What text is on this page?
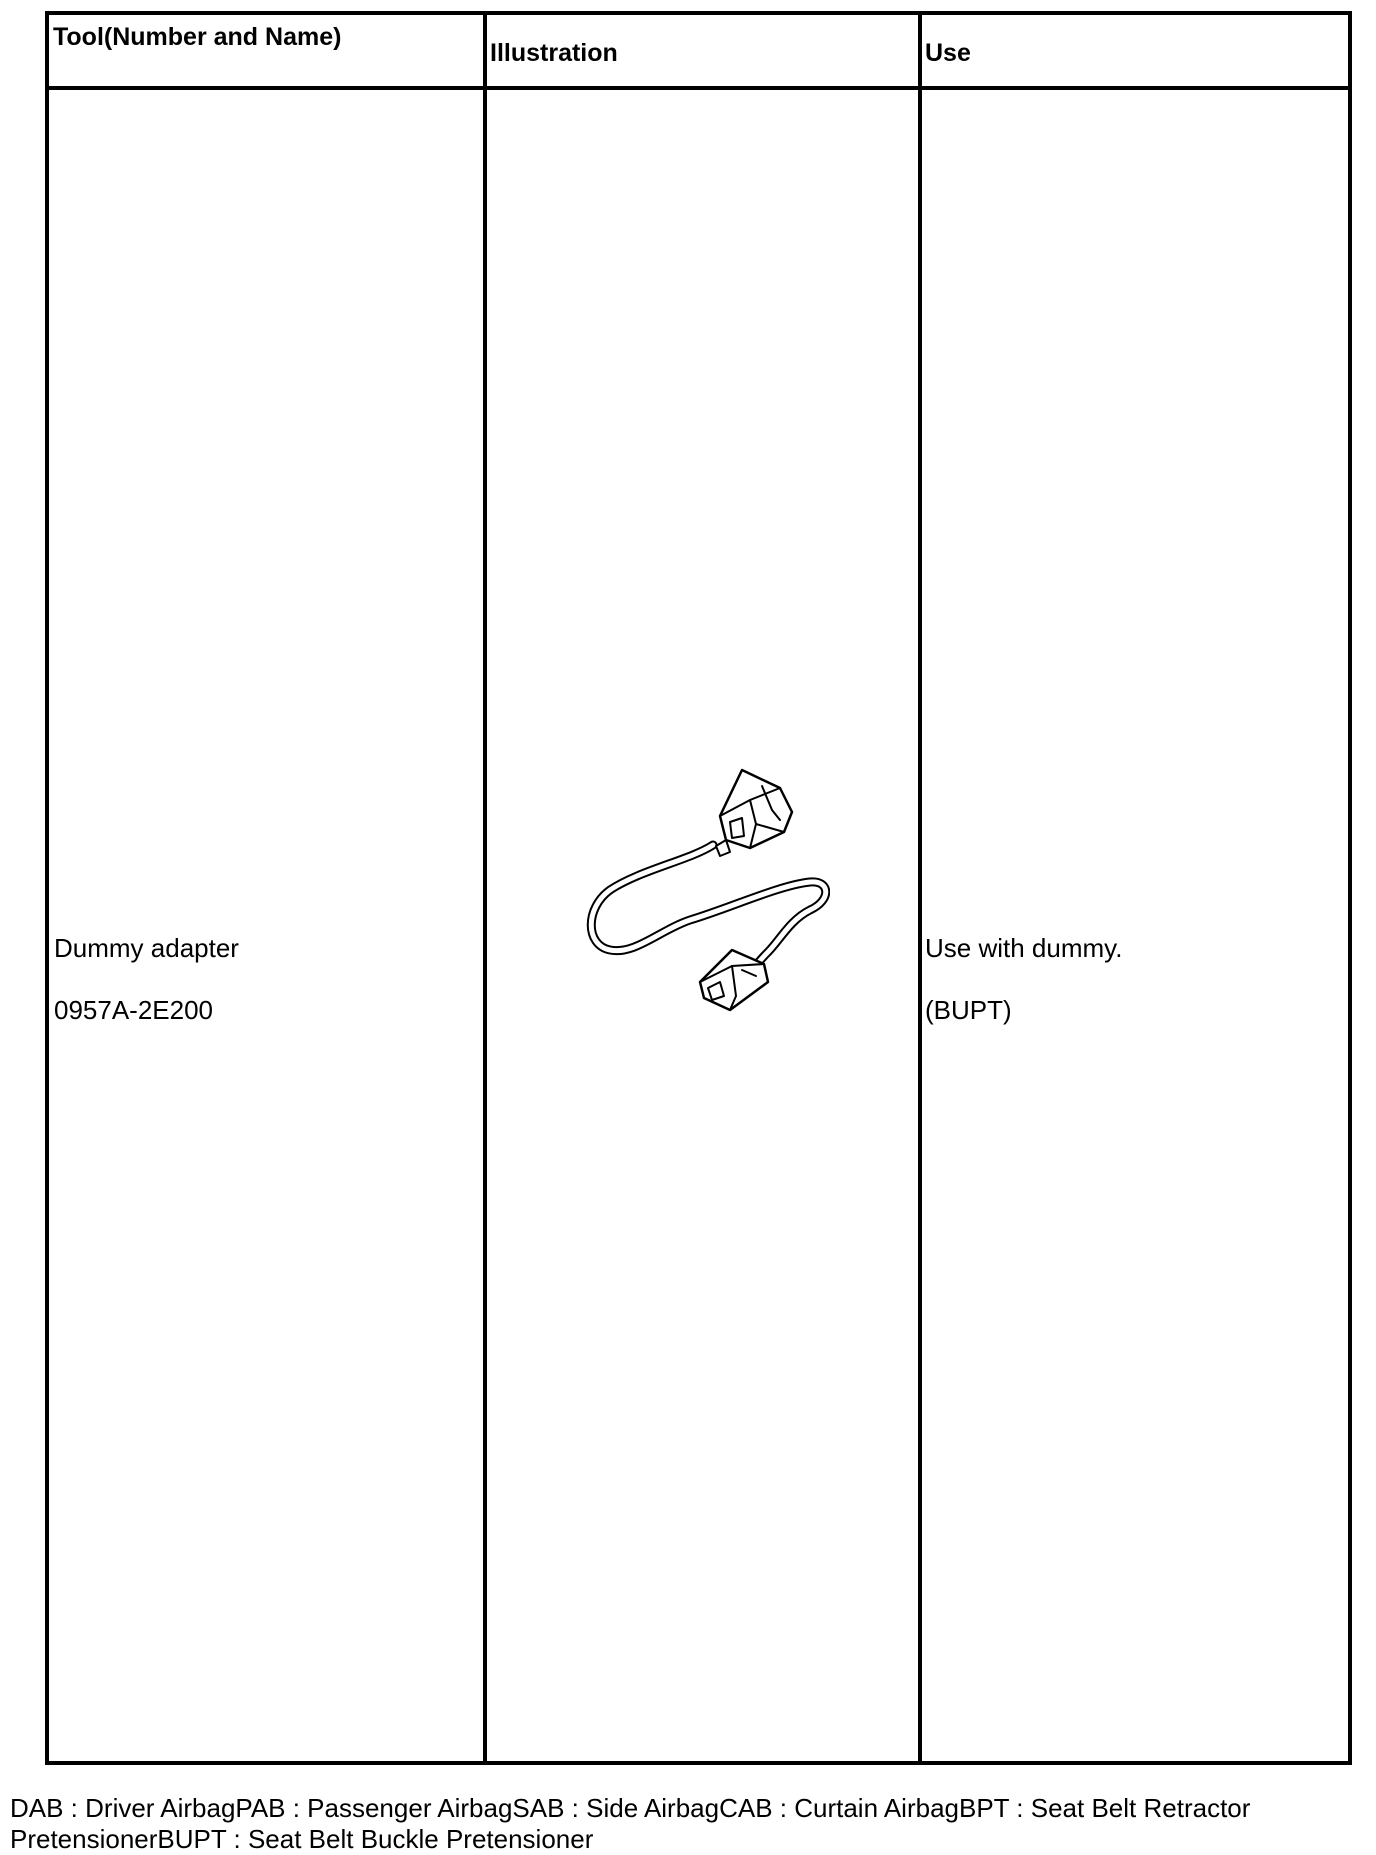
Tool(Number and Name)
Illustration	Use

Dummy adapter

0957A-2E200

Use with dummy.

(BUPT)

DAB : Driver AirbagPAB : Passenger AirbagSAB : Side AirbagCAB : Curtain AirbagBPT : Seat Belt Retractor
PretensionerBUPT : Seat Belt Buckle Pretensioner
